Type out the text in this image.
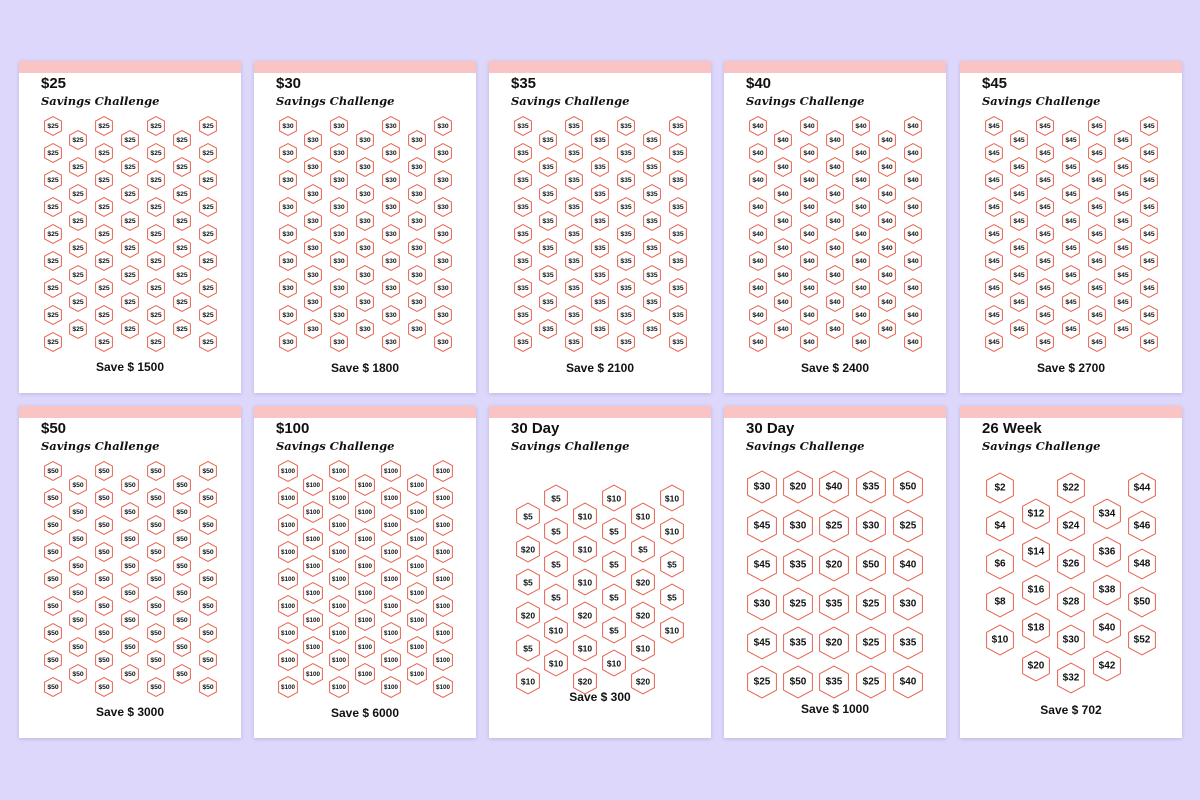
$25
Savings Challenge
$25
$25
$25
$25
$25
$25
$25
$25
$25
$25
$25
$25
$25
$25
$25
$25
$25
$25
$25
$25
$25
$25
$25
$25
$25
$25
$25
$25
$25
$25
$25
$25
$25
$25
$25
$25
$25
$25
$25
$25
$25
$25
$25
$25
$25
$25
$25
$25
$25
$25
$25
$25
$25
$25
$25
$25
$25
$25
$25
$25
Save $ 1500
$30
Savings Challenge
$30
$30
$30
$30
$30
$30
$30
$30
$30
$30
$30
$30
$30
$30
$30
$30
$30
$30
$30
$30
$30
$30
$30
$30
$30
$30
$30
$30
$30
$30
$30
$30
$30
$30
$30
$30
$30
$30
$30
$30
$30
$30
$30
$30
$30
$30
$30
$30
$30
$30
$30
$30
$30
$30
$30
$30
$30
$30
$30
$30
Save $ 1800
$35
Savings Challenge
$35
$35
$35
$35
$35
$35
$35
$35
$35
$35
$35
$35
$35
$35
$35
$35
$35
$35
$35
$35
$35
$35
$35
$35
$35
$35
$35
$35
$35
$35
$35
$35
$35
$35
$35
$35
$35
$35
$35
$35
$35
$35
$35
$35
$35
$35
$35
$35
$35
$35
$35
$35
$35
$35
$35
$35
$35
$35
$35
$35
Save $ 2100
$40
Savings Challenge
$40
$40
$40
$40
$40
$40
$40
$40
$40
$40
$40
$40
$40
$40
$40
$40
$40
$40
$40
$40
$40
$40
$40
$40
$40
$40
$40
$40
$40
$40
$40
$40
$40
$40
$40
$40
$40
$40
$40
$40
$40
$40
$40
$40
$40
$40
$40
$40
$40
$40
$40
$40
$40
$40
$40
$40
$40
$40
$40
$40
Save $ 2400
$45
Savings Challenge
$45
$45
$45
$45
$45
$45
$45
$45
$45
$45
$45
$45
$45
$45
$45
$45
$45
$45
$45
$45
$45
$45
$45
$45
$45
$45
$45
$45
$45
$45
$45
$45
$45
$45
$45
$45
$45
$45
$45
$45
$45
$45
$45
$45
$45
$45
$45
$45
$45
$45
$45
$45
$45
$45
$45
$45
$45
$45
$45
$45
Save $ 2700
$50
Savings Challenge
$50
$50
$50
$50
$50
$50
$50
$50
$50
$50
$50
$50
$50
$50
$50
$50
$50
$50
$50
$50
$50
$50
$50
$50
$50
$50
$50
$50
$50
$50
$50
$50
$50
$50
$50
$50
$50
$50
$50
$50
$50
$50
$50
$50
$50
$50
$50
$50
$50
$50
$50
$50
$50
$50
$50
$50
$50
$50
$50
$50
Save $ 3000
$100
Savings Challenge
$100
$100
$100
$100
$100
$100
$100
$100
$100
$100
$100
$100
$100
$100
$100
$100
$100
$100
$100
$100
$100
$100
$100
$100
$100
$100
$100
$100
$100
$100
$100
$100
$100
$100
$100
$100
$100
$100
$100
$100
$100
$100
$100
$100
$100
$100
$100
$100
$100
$100
$100
$100
$100
$100
$100
$100
$100
$100
$100
$100
Save $ 6000
30 Day
Savings Challenge
$5
$20
$5
$20
$5
$10
$5
$5
$5
$5
$10
$10
$10
$10
$10
$20
$10
$20
$10
$5
$5
$5
$5
$10
$10
$5
$20
$20
$10
$20
$10
$10
$5
$5
$10
Save $ 300
30 Day
Savings Challenge
$30 $20 $40 $35 $50
$45 $30 $25 $30 $25
$45 $35 $20 $50 $40
$30 $25 $35 $25 $30
$45 $35 $20 $25 $35
$25 $50 $35 $25 $40
Save $ 1000
26 Week
Savings Challenge
$2
$4
$6
$8
$10
$12
$14
$16
$18
$20
$22
$24
$26
$28
$30
$32
$34
$36
$38
$40
$42
$44
$46
$48
$50
$52
Save $ 702
